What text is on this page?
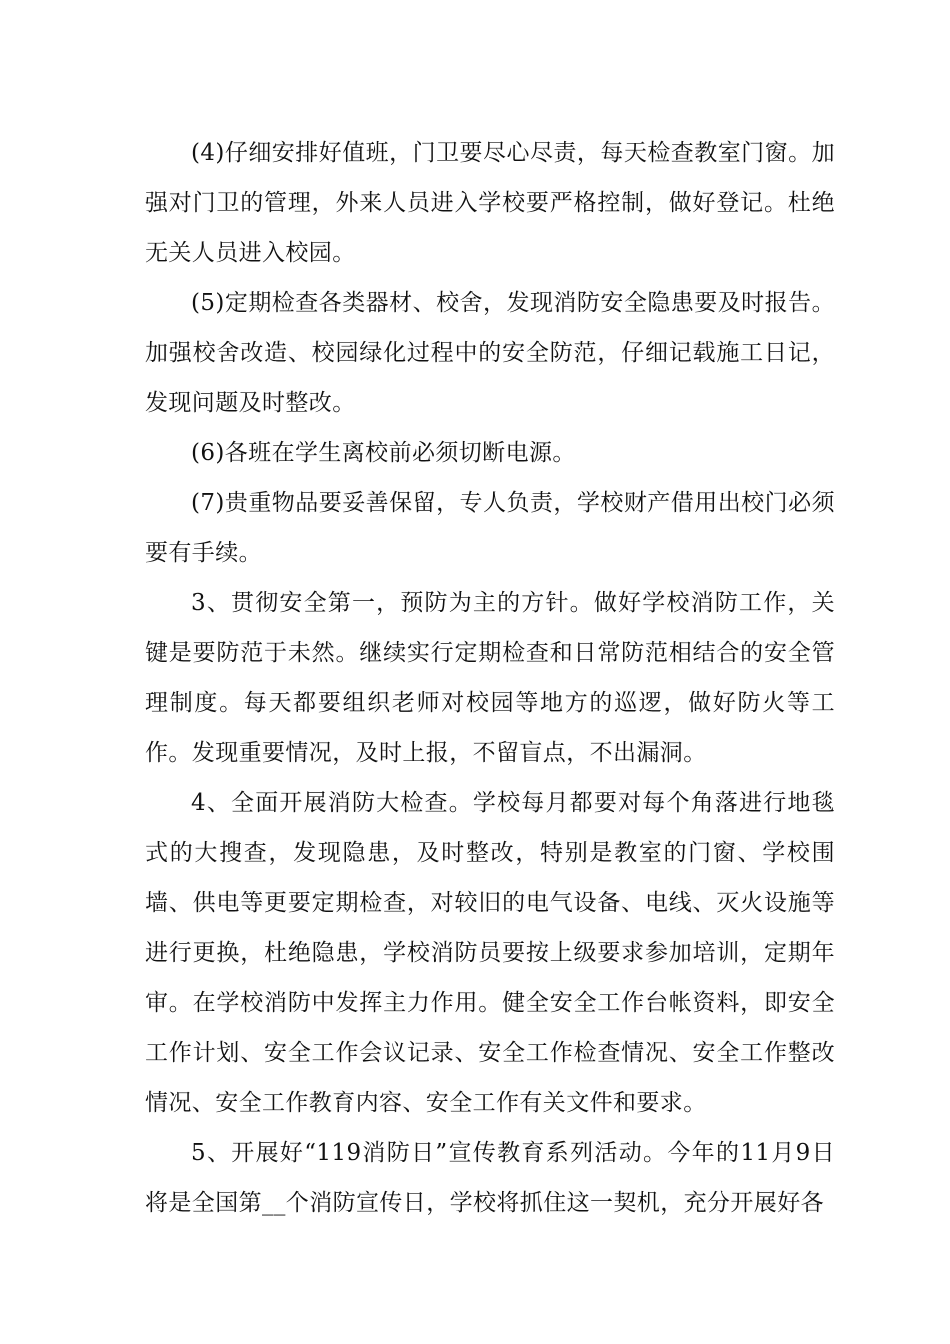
(4)仔细安排好值班，门卫要尽心尽责，每天检查教室门窗。加强对门卫的管理，外来人员进入学校要严格控制，做好登记。杜绝无关人员进入校园。

(5)定期检查各类器材、校舍，发现消防安全隐患要及时报告。加强校舍改造、校园绿化过程中的安全防范，仔细记载施工日记，发现问题及时整改。

(6)各班在学生离校前必须切断电源。

(7)贵重物品要妥善保留，专人负责，学校财产借用出校门必须要有手续。

3、贯彻安全第一，预防为主的方针。做好学校消防工作，关键是要防范于未然。继续实行定期检查和日常防范相结合的安全管理制度。每天都要组织老师对校园等地方的巡逻，做好防火等工作。发现重要情况，及时上报，不留盲点，不出漏洞。

4、全面开展消防大检查。学校每月都要对每个角落进行地毯式的大搜查，发现隐患，及时整改，特别是教室的门窗、学校围墙、供电等更要定期检查，对较旧的电气设备、电线、灭火设施等进行更换，杜绝隐患，学校消防员要按上级要求参加培训，定期年审。在学校消防中发挥主力作用。健全安全工作台帐资料，即安全工作计划、安全工作会议记录、安全工作检查情况、安全工作整改情况、安全工作教育内容、安全工作有关文件和要求。

5、开展好“119消防日”宣传教育系列活动。今年的11月9日将是全国第__个消防宣传日，学校将抓住这一契机，充分开展好各
